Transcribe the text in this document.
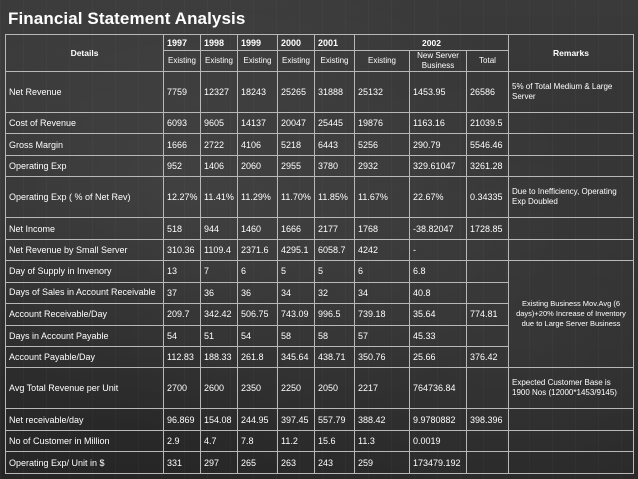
Financial Statement Analysis
Details	1997	1998	1999	2000	2001	2002			Remarks
	Existing	Existing	Existing	Existing	Existing	Existing	New Server Business	Total	
Net Revenue	7759	12327	18243	25265	31888	25132	1453.95	26586	5% of Total Medium & Large Server
Cost of Revenue	6093	9605	14137	20047	25445	19876	1163.16	21039.5	
Gross Margin	1666	2722	4106	5218	6443	5256	290.79	5546.46	
Operating Exp	952	1406	2060	2955	3780	2932	329.61047	3261.28	
Operating Exp ( % of Net Rev)	12.27%	11.41%	11.29%	11.70%	11.85%	11.67%	22.67%	0.34335	Due to Inefficiency, Operating Exp Doubled
Net Income	518	944	1460	1666	2177	1768	-38.82047	1728.85	
Net Revenue by Small Server	310.36	1109.4	2371.6	4295.1	6058.7	4242	-		
Day of Supply in Invenory	13	7	6	5	5	6	6.8		Existing Business Mov.Avg (6 days)+20% Increase of Inventory due to Large Server Business
Days of Sales in Account Receivable	37	36	36	34	32	34	40.8		
Account Receivable/Day	209.7	342.42	506.75	743.09	996.5	739.18	35.64	774.81	
Days in Account Payable	54	51	54	58	58	57	45.33		
Account Payable/Day	112.83	188.33	261.8	345.64	438.71	350.76	25.66	376.42	
Avg Total Revenue per Unit	2700	2600	2350	2250	2050	2217	764736.84		Expected Customer Base is 1900 Nos (12000*1453/9145)
Net receivable/day	96.869	154.08	244.95	397.45	557.79	388.42	9.9780882	398.396	
No of Customer in Million	2.9	4.7	7.8	11.2	15.6	11.3	0.0019		
Operating Exp/ Unit in $	331	297	265	263	243	259	173479.192		
